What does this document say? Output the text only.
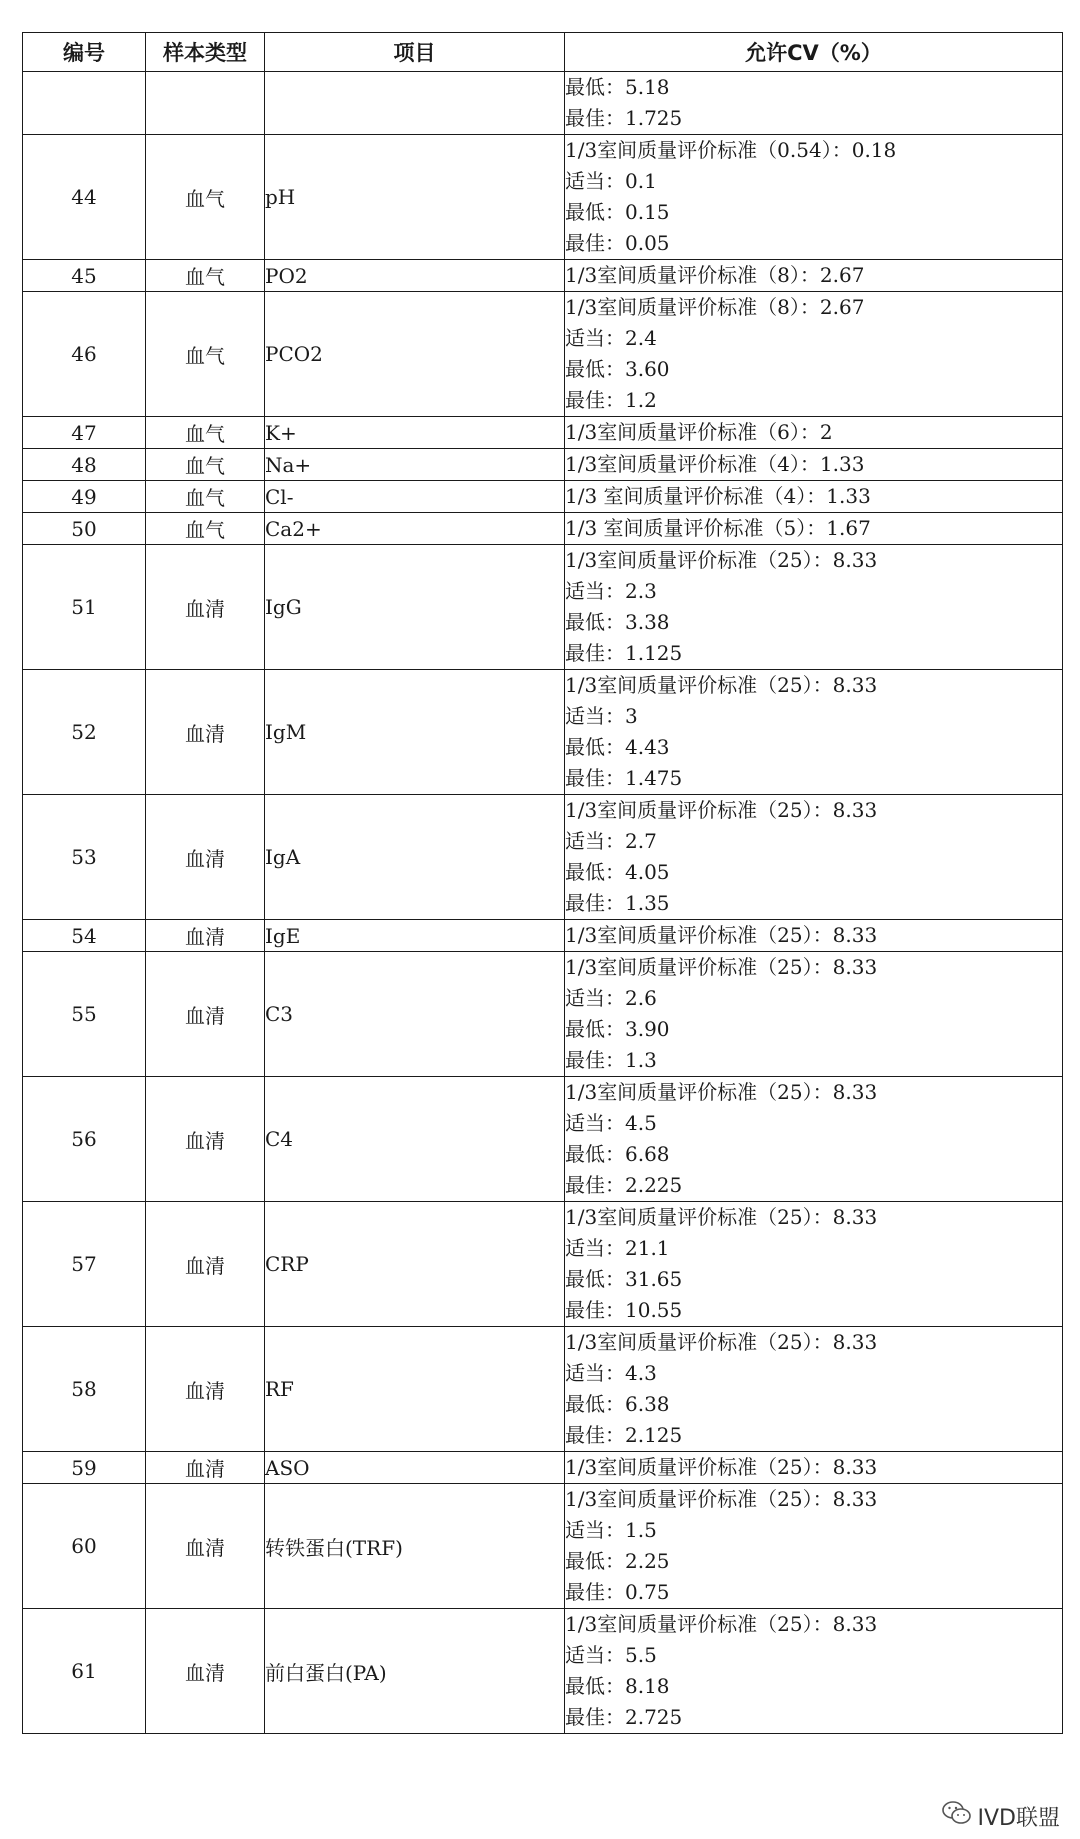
编号	样本类型	项目	允许CV（%）

			最低：5.18
最佳：1.725

44	血气	pH	1/3室间质量评价标准（0.54）：0.18
适当：0.1
最低：0.15
最佳：0.05

45	血气	PO2	1/3室间质量评价标准（8）：2.67

46	血气	PCO2	1/3室间质量评价标准（8）：2.67
适当：2.4
最低：3.60
最佳：1.2

47	血气	K+	1/3室间质量评价标准（6）：2

48	血气	Na+	1/3室间质量评价标准（4）：1.33

49	血气	Cl-	1/3 室间质量评价标准（4）：1.33

50	血气	Ca2+	1/3 室间质量评价标准（5）：1.67

51	血清	IgG	1/3室间质量评价标准（25）：8.33
适当：2.3
最低：3.38
最佳：1.125

52	血清	IgM	1/3室间质量评价标准（25）：8.33
适当：3
最低：4.43
最佳：1.475

53	血清	IgA	1/3室间质量评价标准（25）：8.33
适当：2.7
最低：4.05
最佳：1.35

54	血清	IgE	1/3室间质量评价标准（25）：8.33

55	血清	C3	1/3室间质量评价标准（25）：8.33
适当：2.6
最低：3.90
最佳：1.3

56	血清	C4	1/3室间质量评价标准（25）：8.33
适当：4.5
最低：6.68
最佳：2.225

57	血清	CRP	1/3室间质量评价标准（25）：8.33
适当：21.1
最低：31.65
最佳：10.55

58	血清	RF	1/3室间质量评价标准（25）：8.33
适当：4.3
最低：6.38
最佳：2.125

59	血清	ASO	1/3室间质量评价标准（25）：8.33

60	血清	转铁蛋白(TRF)	1/3室间质量评价标准（25）：8.33
适当：1.5
最低：2.25
最佳：0.75

61	血清	前白蛋白(PA)	1/3室间质量评价标准（25）：8.33
适当：5.5
最低：8.18
最佳：2.725
IVD联盟
